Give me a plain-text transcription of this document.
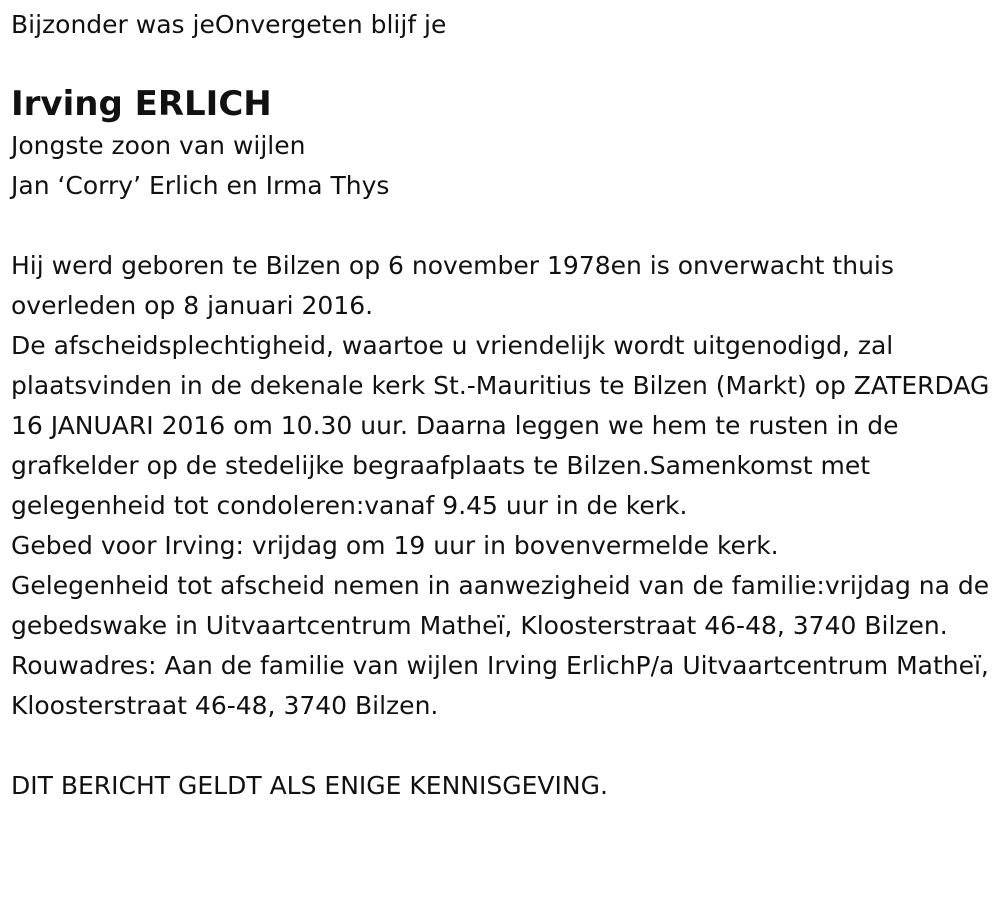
Bijzonder was jeOnvergeten blijf je
Irving ERLICH
Jongste zoon van wijlen
Jan ‘Corry’ Erlich en Irma Thys
Hij werd geboren te Bilzen op 6 november 1978en is onverwacht thuis overleden op 8 januari 2016.
De afscheidsplechtigheid, waartoe u vriendelijk wordt uitgenodigd, zal plaatsvinden in de dekenale kerk St.-Mauritius te Bilzen (Markt) op ZATERDAG 16 JANUARI 2016 om 10.30 uur. Daarna leggen we hem te rusten in de grafkelder op de stedelijke begraafplaats te Bilzen.Samenkomst met gelegenheid tot condoleren:vanaf 9.45 uur in de kerk.
Gebed voor Irving: vrijdag om 19 uur in bovenvermelde kerk.
Gelegenheid tot afscheid nemen in aanwezigheid van de familie:vrijdag na de gebedswake in Uitvaartcentrum Matheï, Kloosterstraat 46-48, 3740 Bilzen.
Rouwadres: Aan de familie van wijlen Irving ErlichP/a Uitvaartcentrum Matheï, Kloosterstraat 46-48, 3740 Bilzen.
DIT BERICHT GELDT ALS ENIGE KENNISGEVING.
